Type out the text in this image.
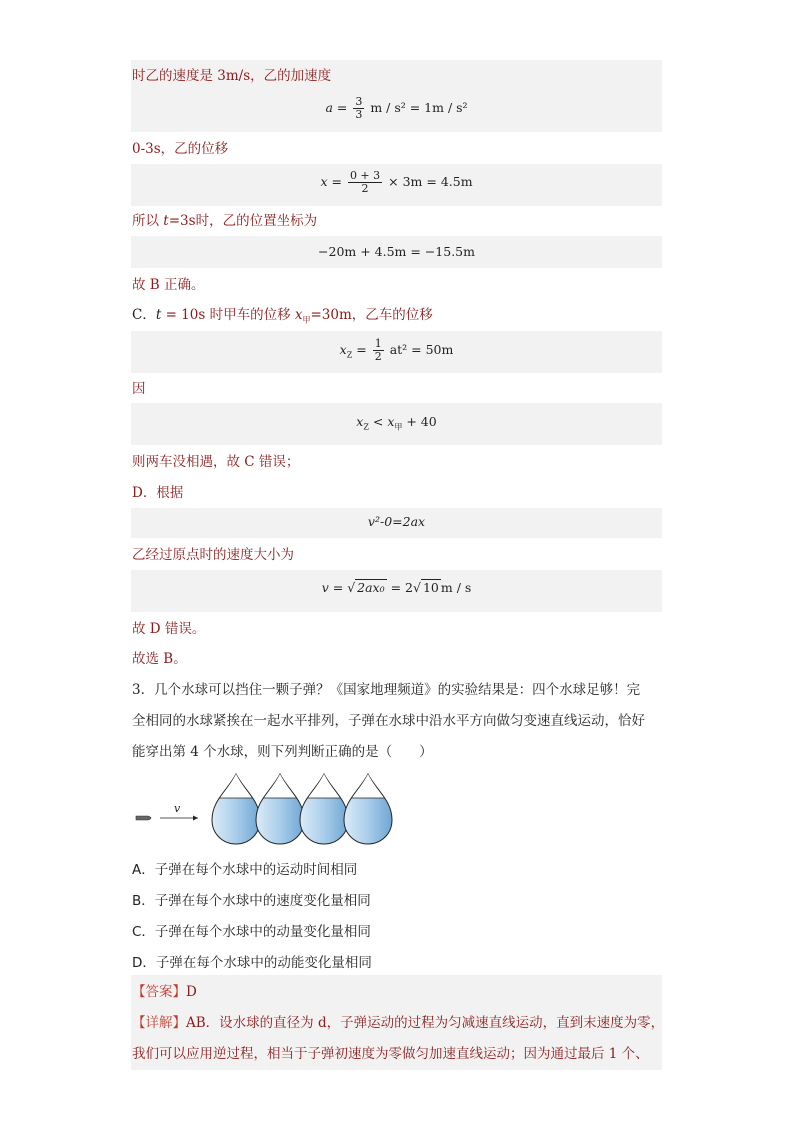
时乙的速度是 3m/s，乙的加速度
$a = \frac{3}{3}$ m / s² = 1m / s²
0-3s，乙的位移
$x = \frac{0 + 3}{2} \times 3m = 4.5m$
所以 t=3s时，乙的位置坐标为
−20m + 4.5m = −15.5m
故 B 正确。
C．t = 10s 时甲车的位移 $x_甲=30m$，乙车的位移
$x_Z = \frac{1}{2} at^2 = 50m$
因
$x_Z < x_甲 + 40$
则两车没相遇，故 C 错误；
D．根据
v²-0=2ax
乙经过原点时的速度大小为
v = √ 2ax₀ = 2√ 10 m / s
故 D 错误。
故选 B。
3．几个水球可以挡住一颗子弹？《国家地理频道》的实验结果是：四个水球足够！完
全相同的水球紧挨在一起水平排列，子弹在水球中沿水平方向做匀变速直线运动，恰好
能穿出第 4 个水球，则下列判断正确的是（　　）
v
A．子弹在每个水球中的运动时间相同
B．子弹在每个水球中的速度变化量相同
C．子弹在每个水球中的动量变化量相同
D．子弹在每个水球中的动能变化量相同
【答案】D
【详解】AB．设水球的直径为 d，子弹运动的过程为匀减速直线运动，直到末速度为零，
我们可以应用逆过程，相当于子弹初速度为零做匀加速直线运动；因为通过最后 1 个、
